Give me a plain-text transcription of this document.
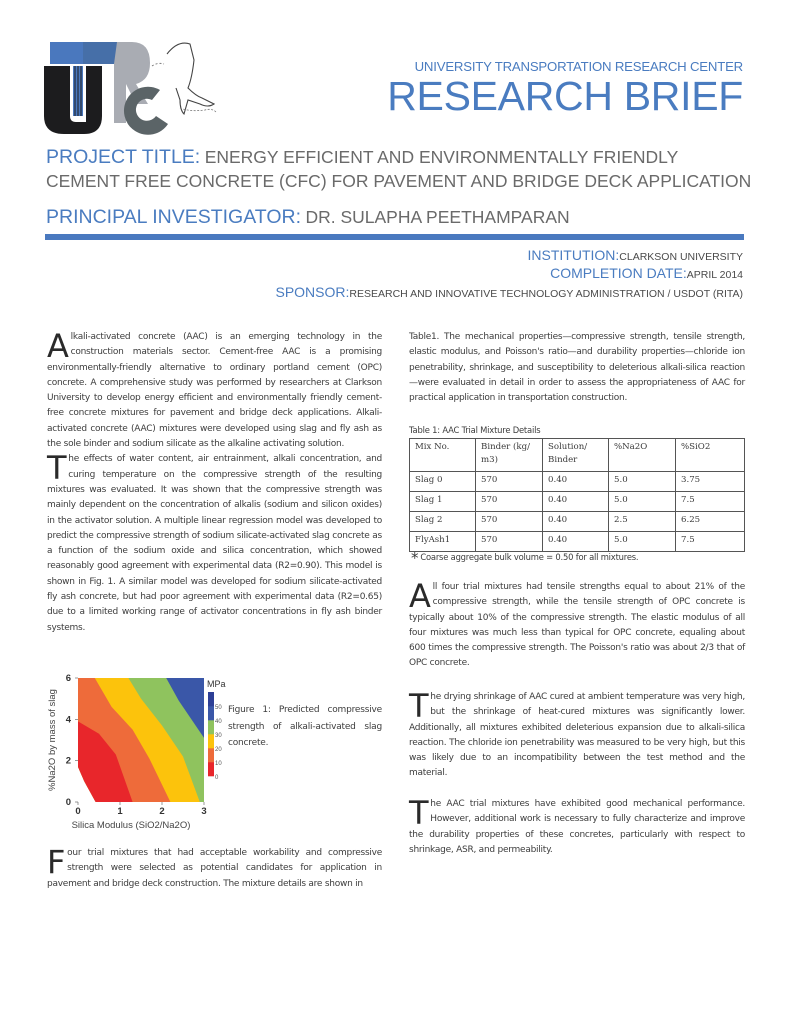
UNIVERSITY TRANSPORTATION RESEARCH CENTER
RESEARCH BRIEF
PROJECT TITLE: ENERGY EFFICIENT AND ENVIRONMENTALLY FRIENDLY CEMENT FREE CONCRETE (CFC) FOR PAVEMENT AND BRIDGE DECK APPLICATION
PRINCIPAL INVESTIGATOR: DR. SULAPHA PEETHAMPARAN
INSTITUTION:CLARKSON UNIVERSITY
COMPLETION DATE:APRIL 2014
SPONSOR:RESEARCH AND INNOVATIVE TECHNOLOGY ADMINISTRATION / USDOT (RITA)

Alkali-activated concrete (AAC) is an emerging technology in the construction materials sector. Cement-free AAC is a promising environmentally-friendly alternative to ordinary portland cement (OPC) concrete. A comprehensive study was performed by researchers at Clarkson University to develop energy efficient and environmentally friendly cement-free concrete mixtures for pavement and bridge deck applications. Alkali-activated concrete (AAC) mixtures were developed using slag and fly ash as the sole binder and sodium silicate as the alkaline activating solution.

The effects of water content, air entrainment, alkali concentration, and curing temperature on the compressive strength of the resulting mixtures was evaluated. It was shown that the compressive strength was mainly dependent on the concentration of alkalis (sodium and silicon oxides) in the activator solution. A multiple linear regression model was developed to predict the compressive strength of sodium silicate-activated slag concrete as a function of the sodium oxide and silica concentration, which showed reasonably good agreement with experimental data (R2=0.90). This model is shown in Fig. 1. A similar model was developed for sodium silicate-activated fly ash concrete, but had poor agreement with experimental data (R2=0.65) due to a limited working range of activator concentrations in fly ash binder systems.

0	1	2	3
0
2
4
6
Silica Modulus (SiO2/Na2O)
%Na2O by mass of slag	0
10
20
30
40
50
MPa
Figure 1: Predicted compressive strength of alkali-activated slag concrete.

Four trial mixtures that had acceptable workability and compressive strength were selected as potential candidates for application in pavement and bridge deck construction. The mixture details are shown in

Table1. The mechanical properties—compressive strength, tensile strength, elastic modulus, and Poisson's ratio—and durability properties—chloride ion penetrability, shrinkage, and susceptibility to deleterious alkali-silica reaction—were evaluated in detail in order to assess the appropriateness of AAC for practical application in transportation construction.

Table 1: AAC Trial Mixture Details
Mix No.	Binder (kg/ m3)	Solution/ Binder	%Na2O	%SiO2
Slag 0	570	0.40	5.0	3.75
Slag 1	570	0.40	5.0	7.5
Slag 2	570	0.40	2.5	6.25
FlyAsh1	570	0.40	5.0	7.5
* Coarse aggregate bulk volume = 0.50 for all mixtures.

All four trial mixtures had tensile strengths equal to about 21% of the compressive strength, while the tensile strength of OPC concrete is typically about 10% of the compressive strength. The elastic modulus of all four mixtures was much less than typical for OPC concrete, equaling about 600 times the compressive strength. The Poisson's ratio was about 2/3 that of OPC concrete.

The drying shrinkage of AAC cured at ambient temperature was very high, but the shrinkage of heat-cured mixtures was significantly lower. Additionally, all mixtures exhibited deleterious expansion due to alkali-silica reaction. The chloride ion penetrability was measured to be very high, but this was likely due to an incompatibility between the test method and the material.

The AAC trial mixtures have exhibited good mechanical performance. However, additional work is necessary to fully characterize and improve the durability properties of these concretes, particularly with respect to shrinkage, ASR, and permeability.
